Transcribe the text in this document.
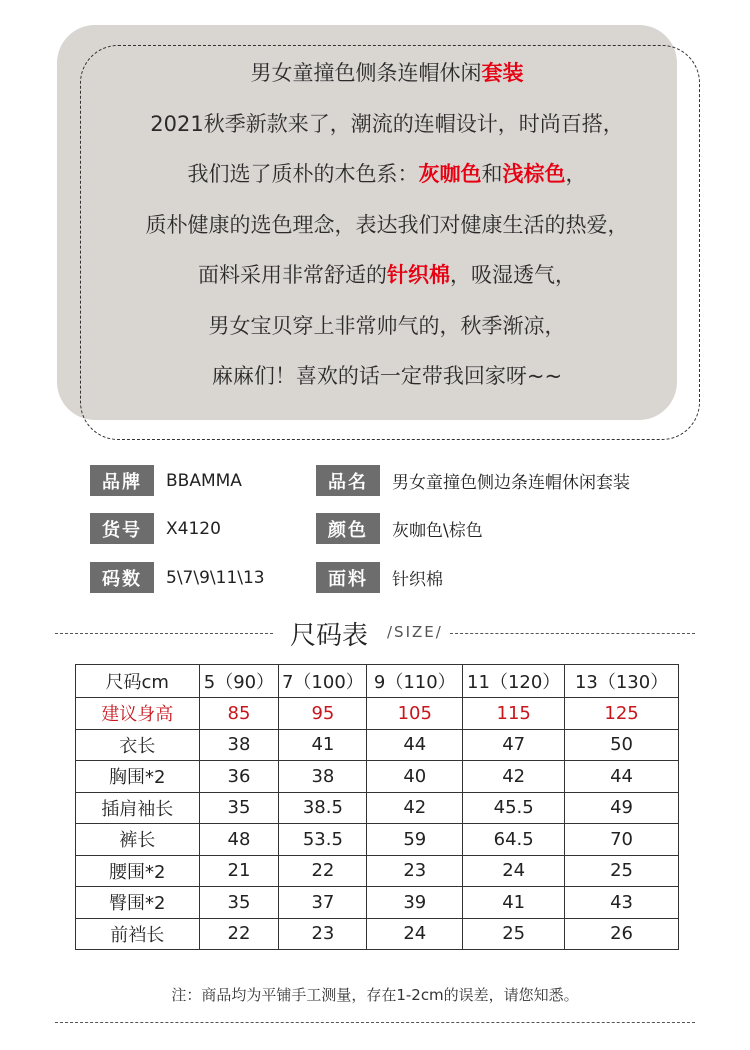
男女童撞色侧条连帽休闲套装
2021秋季新款来了，潮流的连帽设计，时尚百搭，
我们选了质朴的木色系：灰咖色和浅棕色，
质朴健康的选色理念，表达我们对健康生活的热爱，
面料采用非常舒适的针织棉，吸湿透气，
男女宝贝穿上非常帅气的，秋季渐凉，
麻麻们！喜欢的话一定带我回家呀~~
品牌	BBAMMA	品名	男女童撞色侧边条连帽休闲套装
货号	X4120	颜色	灰咖色\棕色
码数	5\7\9\11\13	面料	针织棉
尺码表 /SIZE/
尺码cm	5（90）	7（100）	9（110）	11（120）	13（130）
建议身高	85	95	105	115	125
衣长	38	41	44	47	50
胸围*2	36	38	40	42	44
插肩袖长	35	38.5	42	45.5	49
裤长	48	53.5	59	64.5	70
腰围*2	21	22	23	24	25
臀围*2	35	37	39	41	43
前裆长	22	23	24	25	26
注：商品均为平铺手工测量，存在1-2cm的误差，请您知悉。
